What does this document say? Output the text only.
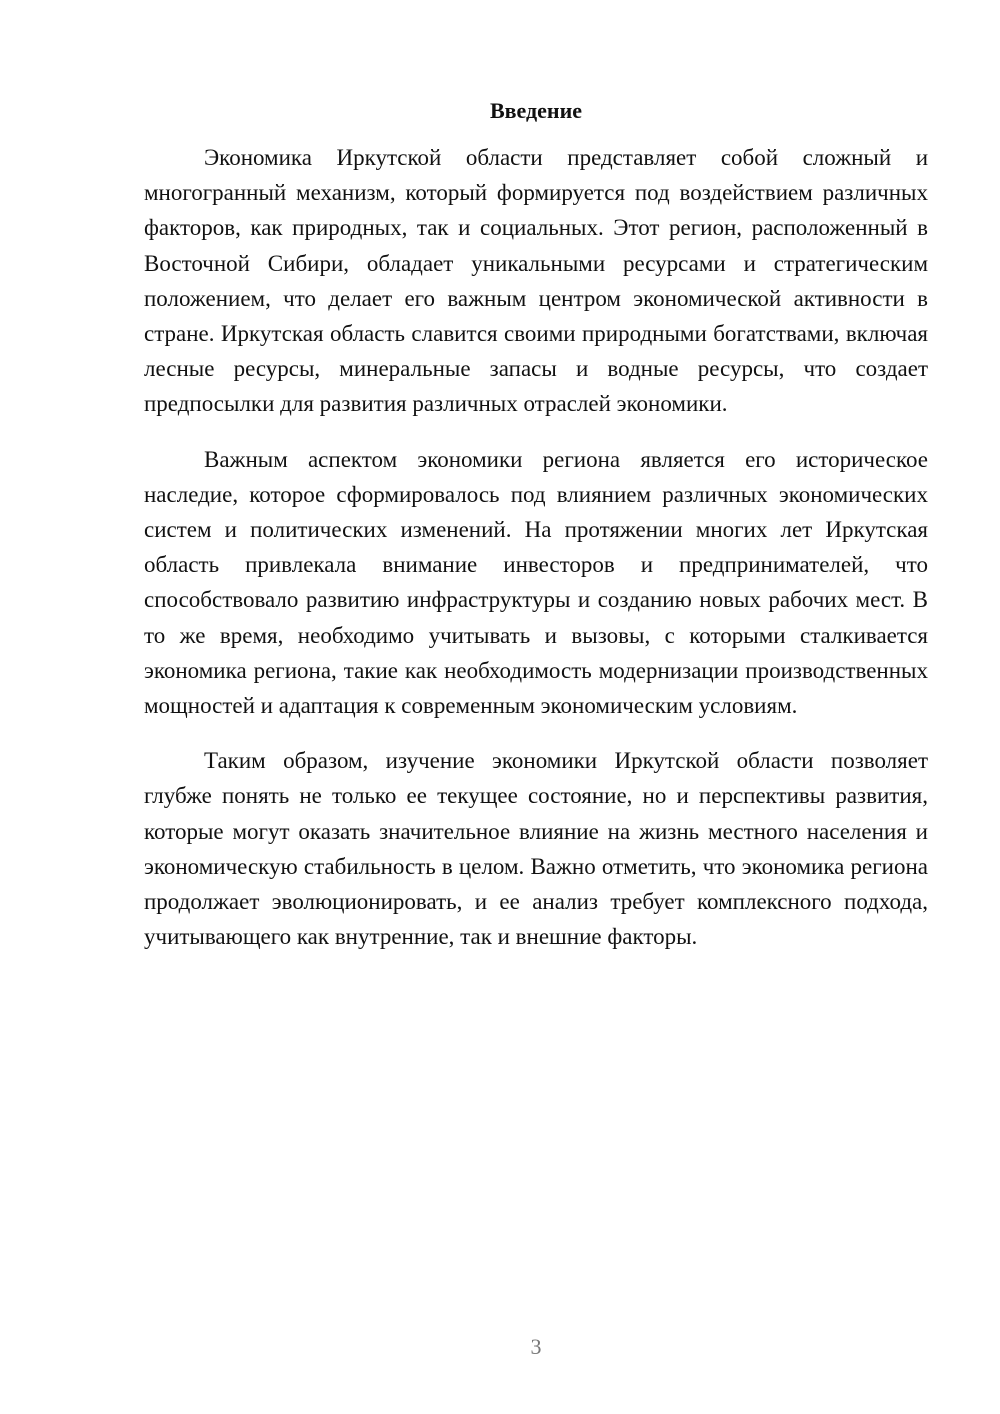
Введение

Экономика Иркутской области представляет собой сложный и многогранный механизм, который формируется под воздействием различных факторов, как природных, так и социальных. Этот регион, расположенный в Восточной Сибири, обладает уникальными ресурсами и стратегическим положением, что делает его важным центром экономической активности в стране. Иркутская область славится своими природными богатствами, включая лесные ресурсы, минеральные запасы и водные ресурсы, что создает предпосылки для развития различных отраслей экономики.

Важным аспектом экономики региона является его историческое наследие, которое сформировалось под влиянием различных экономических систем и политических изменений. На протяжении многих лет Иркутская область привлекала внимание инвесторов и предпринимателей, что способствовало развитию инфраструктуры и созданию новых рабочих мест. В то же время, необходимо учитывать и вызовы, с которыми сталкивается экономика региона, такие как необходимость модернизации производственных мощностей и адаптация к современным экономическим условиям.

Таким образом, изучение экономики Иркутской области позволяет глубже понять не только ее текущее состояние, но и перспективы развития, которые могут оказать значительное влияние на жизнь местного населения и экономическую стабильность в целом. Важно отметить, что экономика региона продолжает эволюционировать, и ее анализ требует комплексного подхода, учитывающего как внутренние, так и внешние факторы.

3
